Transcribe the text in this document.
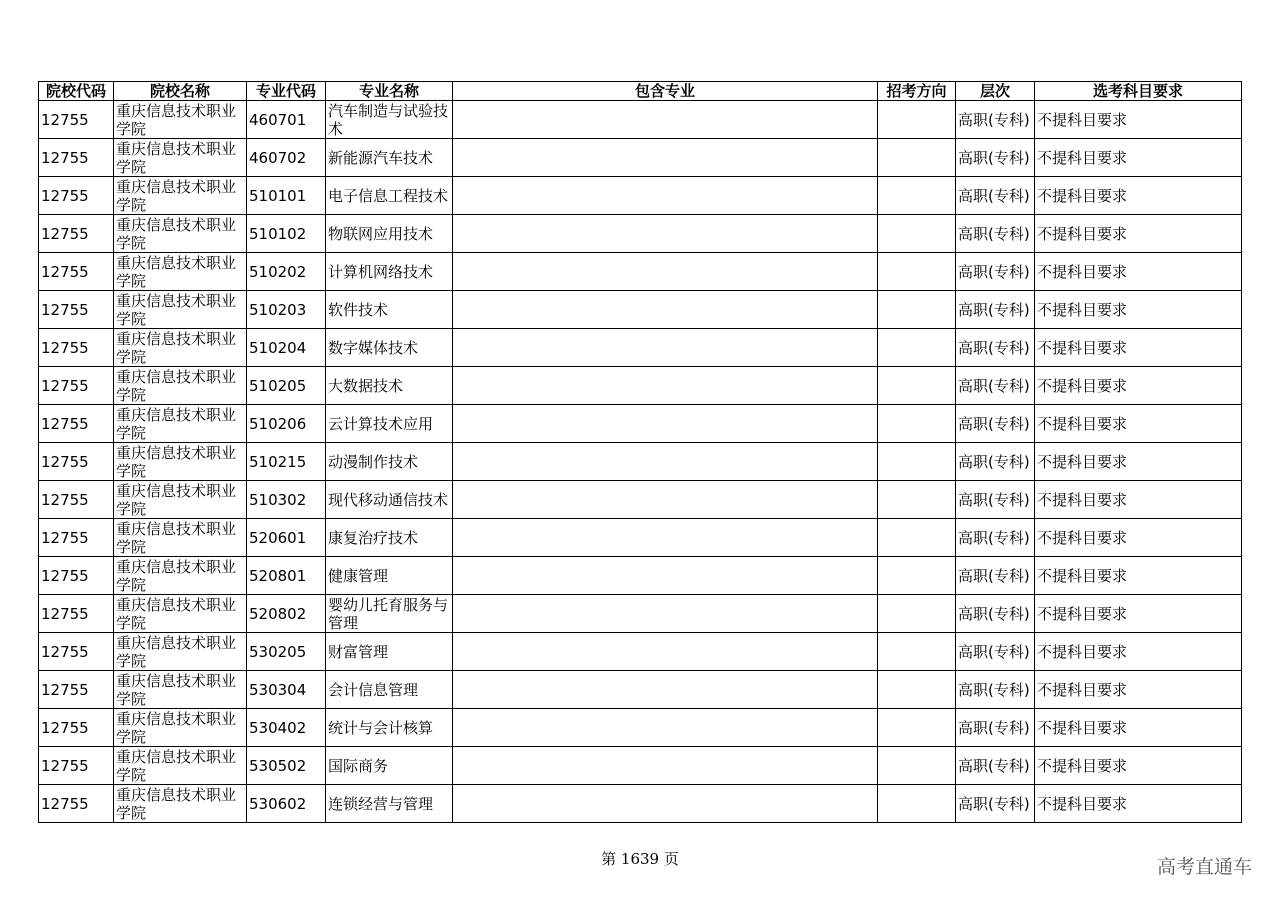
院校代码	院校名称	专业代码	专业名称	包含专业	招考方向	层次	选考科目要求
12755	重庆信息技术职业学院	460701	汽车制造与试验技术			高职(专科)	不提科目要求
12755	重庆信息技术职业学院	460702	新能源汽车技术			高职(专科)	不提科目要求
12755	重庆信息技术职业学院	510101	电子信息工程技术			高职(专科)	不提科目要求
12755	重庆信息技术职业学院	510102	物联网应用技术			高职(专科)	不提科目要求
12755	重庆信息技术职业学院	510202	计算机网络技术			高职(专科)	不提科目要求
12755	重庆信息技术职业学院	510203	软件技术			高职(专科)	不提科目要求
12755	重庆信息技术职业学院	510204	数字媒体技术			高职(专科)	不提科目要求
12755	重庆信息技术职业学院	510205	大数据技术			高职(专科)	不提科目要求
12755	重庆信息技术职业学院	510206	云计算技术应用			高职(专科)	不提科目要求
12755	重庆信息技术职业学院	510215	动漫制作技术			高职(专科)	不提科目要求
12755	重庆信息技术职业学院	510302	现代移动通信技术			高职(专科)	不提科目要求
12755	重庆信息技术职业学院	520601	康复治疗技术			高职(专科)	不提科目要求
12755	重庆信息技术职业学院	520801	健康管理			高职(专科)	不提科目要求
12755	重庆信息技术职业学院	520802	婴幼儿托育服务与管理			高职(专科)	不提科目要求
12755	重庆信息技术职业学院	530205	财富管理			高职(专科)	不提科目要求
12755	重庆信息技术职业学院	530304	会计信息管理			高职(专科)	不提科目要求
12755	重庆信息技术职业学院	530402	统计与会计核算			高职(专科)	不提科目要求
12755	重庆信息技术职业学院	530502	国际商务			高职(专科)	不提科目要求
12755	重庆信息技术职业学院	530602	连锁经营与管理			高职(专科)	不提科目要求
第 1639 页	高考直通车
